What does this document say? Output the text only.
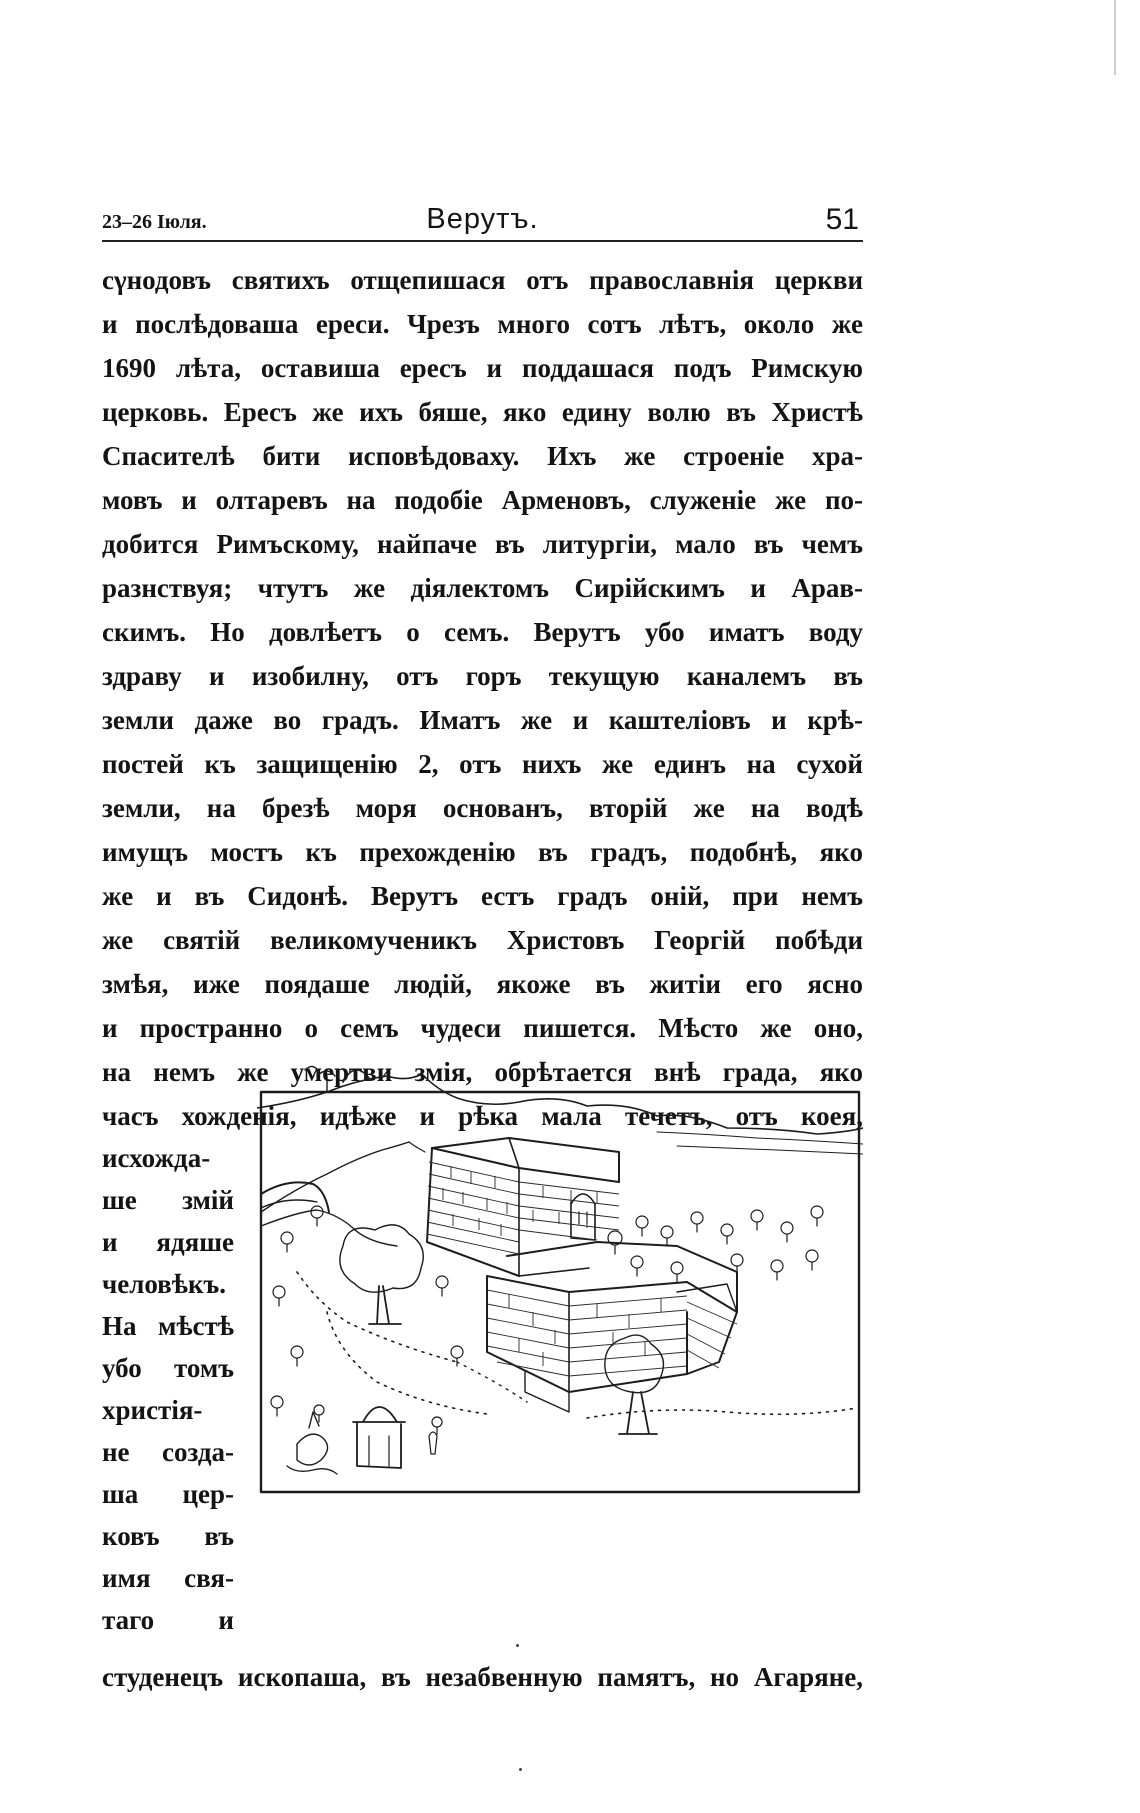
23–26 Іюля.	Верутъ.	51
сγнодовъ святихъ отщепишася отъ православнія церкви
и послѣдоваша ереси. Чрезъ много сотъ лѣтъ, около же
1690 лѣта, оставиша ересъ и поддашася подъ Римскую
церковь. Ересъ же ихъ бяше, яко едину волю въ Христѣ
Спасителѣ бити исповѣдоваху. Ихъ же строеніе хра-
мовъ и олтаревъ на подобіе Арменовъ, служеніе же по-
добится Римъскому, найпаче въ литургіи, мало въ чемъ
разнствуя; чтутъ же діялектомъ Сирійскимъ и Арав-
скимъ. Но довлѣетъ о семъ. Верутъ убо иматъ воду
здраву и изобилну, отъ горъ текущую каналемъ въ
земли даже во градъ. Иматъ же и каштеліовъ и крѣ-
постей къ защищенію 2, отъ нихъ же единъ на сухой
земли, на брезѣ моря основанъ, вторій же на водѣ
имущъ мостъ къ прехожденію въ градъ, подобнѣ, яко
же и въ Сидонѣ. Верутъ естъ градъ оній, при немъ
же святій великомученикъ Христовъ Георгій побѣди
змѣя, иже поядаше людій, якоже въ житіи его ясно
и пространно о семъ чудеси пишется. Мѣсто же оно,
на немъ же умертви змія, обрѣтается внѣ града, яко
часъ хожденія, идѣже и рѣка мала течетъ, отъ коея,
исхожда-
ше змій
и ядяше
человѣкъ.
На мѣстѣ
убо томъ
христія-
не созда-
ша цер-
ковъ въ
имя свя-
таго и
студенецъ ископаша, въ незабвенную памятъ, но Агаряне,
